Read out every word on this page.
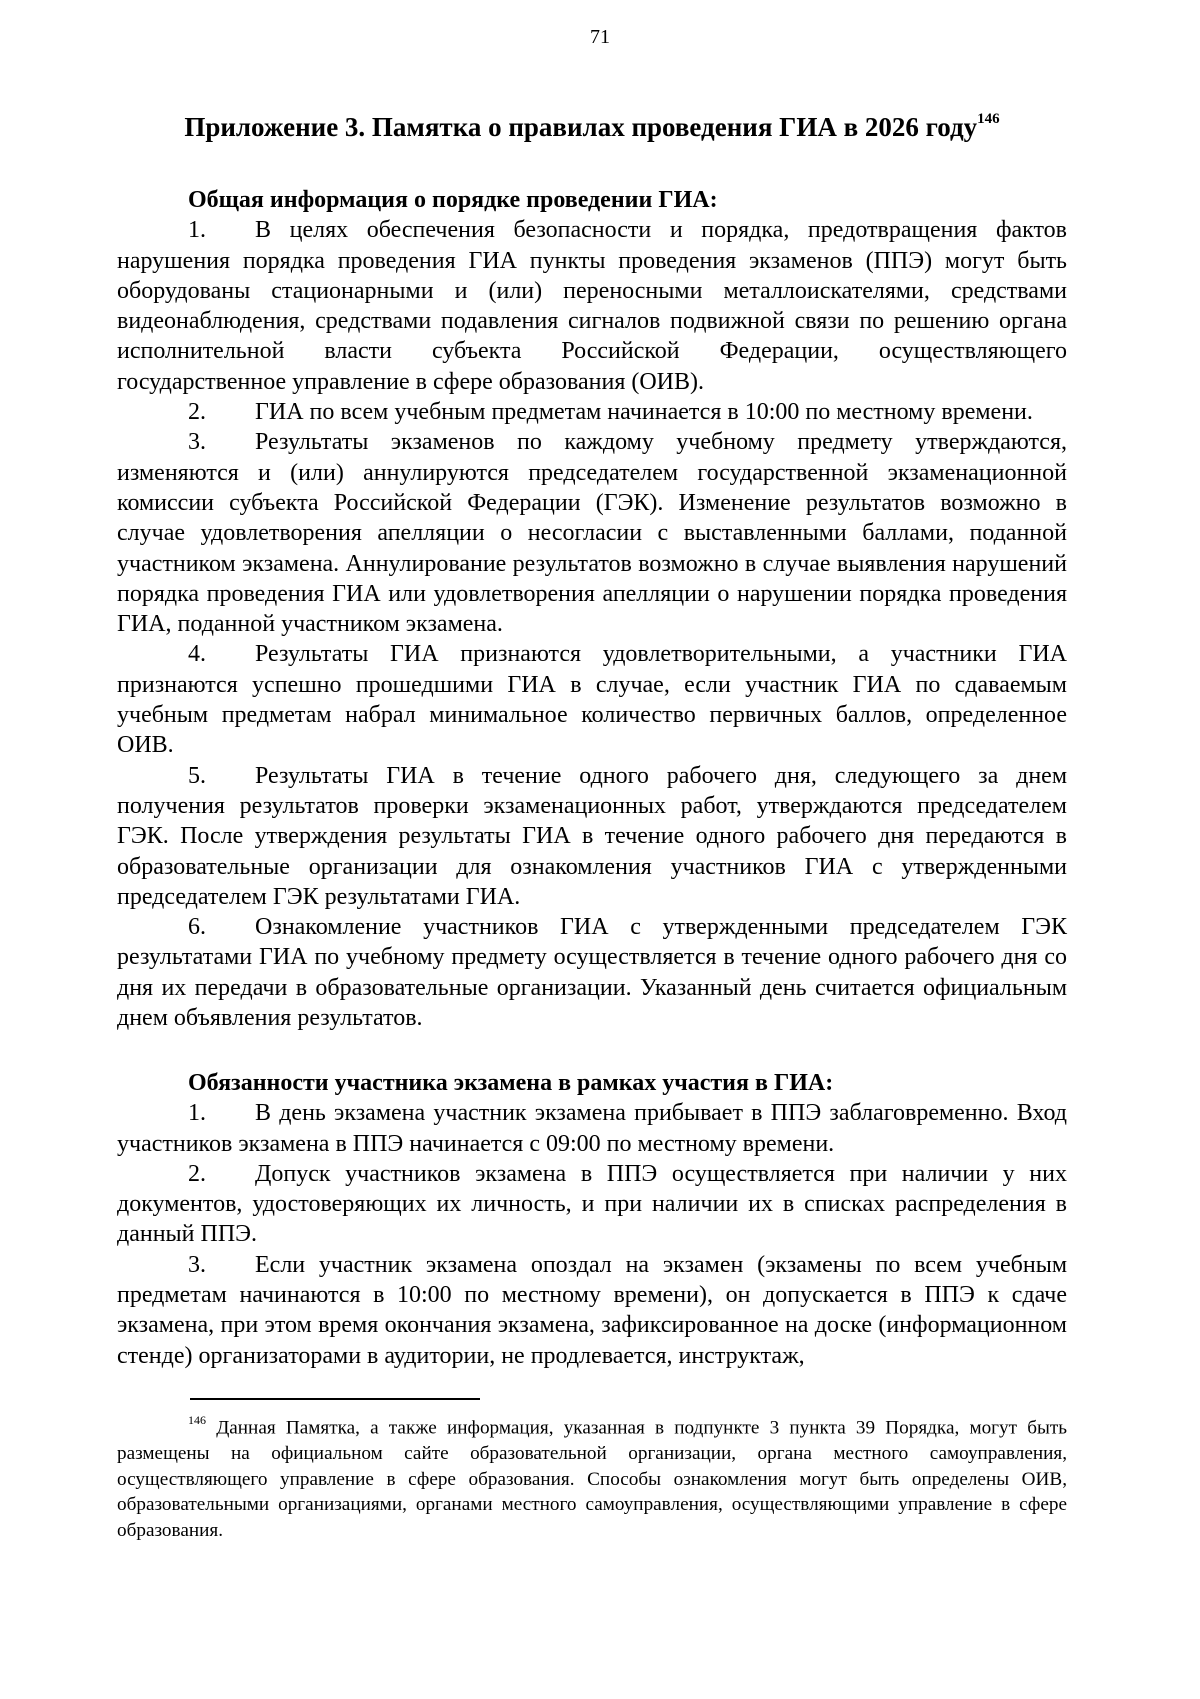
71
Приложение 3. Памятка о правилах проведения ГИА в 2026 году$^{146}$

Общая информация о порядке проведении ГИА:

1. В целях обеспечения безопасности и порядка, предотвращения фактов нарушения порядка проведения ГИА пункты проведения экзаменов (ППЭ) могут быть оборудованы стационарными и (или) переносными металлоискателями, средствами видеонаблюдения, средствами подавления сигналов подвижной связи по решению органа исполнительной власти субъекта Российской Федерации, осуществляющего государственное управление в сфере образования (ОИВ).

2. ГИА по всем учебным предметам начинается в 10:00 по местному времени.

3. Результаты экзаменов по каждому учебному предмету утверждаются, изменяются и (или) аннулируются председателем государственной экзаменационной комиссии субъекта Российской Федерации (ГЭК). Изменение результатов возможно в случае удовлетворения апелляции о несогласии с выставленными баллами, поданной участником экзамена. Аннулирование результатов возможно в случае выявления нарушений порядка проведения ГИА или удовлетворения апелляции о нарушении порядка проведения ГИА, поданной участником экзамена.

4. Результаты ГИА признаются удовлетворительными, а участники ГИА признаются успешно прошедшими ГИА в случае, если участник ГИА по сдаваемым учебным предметам набрал минимальное количество первичных баллов, определенное ОИВ.

5. Результаты ГИА в течение одного рабочего дня, следующего за днем получения результатов проверки экзаменационных работ, утверждаются председателем ГЭК. После утверждения результаты ГИА в течение одного рабочего дня передаются в образовательные организации для ознакомления участников ГИА с утвержденными председателем ГЭК результатами ГИА.

6. Ознакомление участников ГИА с утвержденными председателем ГЭК результатами ГИА по учебному предмету осуществляется в течение одного рабочего дня со дня их передачи в образовательные организации. Указанный день считается официальным днем объявления результатов.

Обязанности участника экзамена в рамках участия в ГИА:

1. В день экзамена участник экзамена прибывает в ППЭ заблаговременно. Вход участников экзамена в ППЭ начинается с 09:00 по местному времени.

2. Допуск участников экзамена в ППЭ осуществляется при наличии у них документов, удостоверяющих их личность, и при наличии их в списках распределения в данный ППЭ.

3. Если участник экзамена опоздал на экзамен (экзамены по всем учебным предметам начинаются в 10:00 по местному времени), он допускается в ППЭ к сдаче экзамена, при этом время окончания экзамена, зафиксированное на доске (информационном стенде) организаторами в аудитории, не продлевается, инструктаж,

$^{146}$ Данная Памятка, а также информация, указанная в подпункте 3 пункта 39 Порядка, могут быть размещены на официальном сайте образовательной организации, органа местного самоуправления, осуществляющего управление в сфере образования. Способы ознакомления могут быть определены ОИВ, образовательными организациями, органами местного самоуправления, осуществляющими управление в сфере образования.
